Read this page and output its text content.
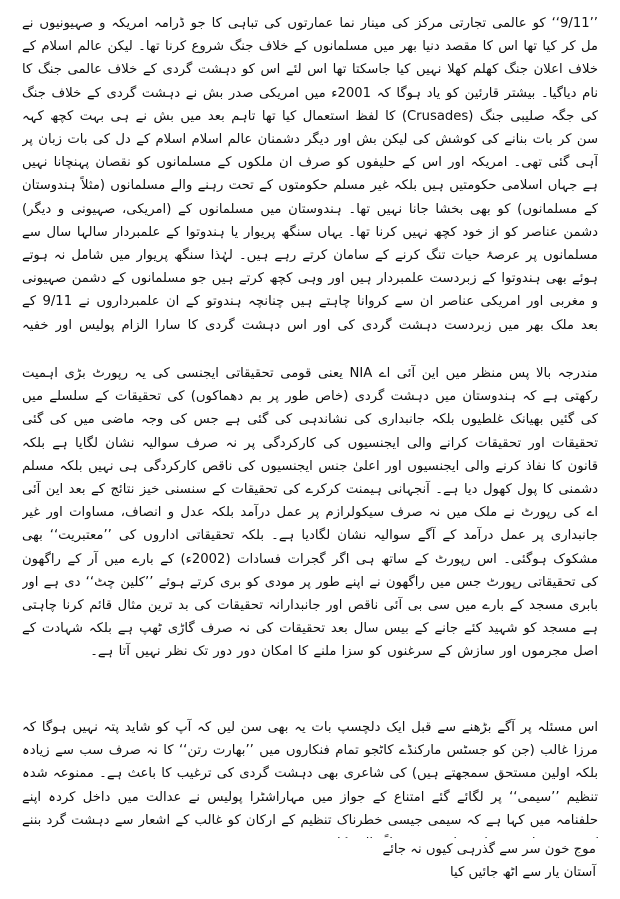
’’9/11‘‘ کو عالمی تجارتی مرکز کی مینار نما عمارتوں کی تباہی کا جو ڈرامہ امریکہ و صہیونیوں نے مل کر کیا تھا اس کا مقصد دنیا بھر میں مسلمانوں کے خلاف جنگ شروع کرنا تھا۔ لیکن عالم اسلام کے خلاف اعلان جنگ کھلم کھلا نہیں کیا جاسکتا تھا اس لئے اس کو دہشت گردی کے خلاف عالمی جنگ کا نام دیاگیا۔ بیشتر قارئین کو یاد ہوگا کہ 2001ء میں امریکی صدر بش نے دہشت گردی کے خلاف جنگ کی جگہ صلیبی جنگ (Crusades) کا لفظ استعمال کیا تھا تاہم بعد میں بش نے ہی بہت کچھ کہہ سن کر بات بنانے کی کوشش کی لیکن بش اور دیگر دشمنان عالم اسلام اسلام کے دل کی بات زبان پر آہی گئی تھی۔ امریکہ اور اس کے حلیفوں کو صرف ان ملکوں کے مسلمانوں کو نقصان پہنچانا نہیں ہے جہاں اسلامی حکومتیں ہیں بلکہ غیر مسلم حکومتوں کے تحت رہنے والے مسلمانوں (مثلاً ہندوستان کے مسلمانوں) کو بھی بخشا جانا نہیں تھا۔ ہندوستان میں مسلمانوں کے (امریکی، صہیونی و دیگر) دشمن عناصر کو از خود کچھ نہیں کرنا تھا۔ یہاں سنگھ پریوار یا ہندوتوا کے علمبردار سالہا سال سے مسلمانوں پر عرصۂ حیات تنگ کرنے کے سامان کرتے رہے ہیں۔ لہٰذا سنگھ پریوار میں شامل نہ ہوتے ہوئے بھی ہندوتوا کے زبردست علمبردار ہیں اور وہی کچھ کرتے ہیں جو مسلمانوں کے دشمن صہیونی و مغربی اور امریکی عناصر ان سے کروانا چاہتے ہیں چنانچہ ہندوتو کے ان علمبرداروں نے 9/11 کے بعد ملک بھر میں زبردست دہشت گردی کی اور اس دہشت گردی کا سارا الزام پولیس اور خفیہ

مندرجہ بالا پس منظر میں این آئی اے NIA یعنی قومی تحقیقاتی ایجنسی کی یہ رپورٹ بڑی اہمیت رکھتی ہے کہ ہندوستان میں دہشت گردی (خاص طور پر بم دھماکوں) کی تحقیقات کے سلسلے میں کی گئیں بھیانک غلطیوں بلکہ جانبداری کی نشاندہی کی گئی ہے جس کی وجہ ماضی میں کی گئی تحقیقات اور تحقیقات کرانے والی ایجنسیوں کی کارکردگی پر نہ صرف سوالیہ نشان لگایا ہے بلکہ قانون کا نفاذ کرنے والی ایجنسیوں اور اعلیٰ جنس ایجنسیوں کی ناقص کارکردگی ہی نہیں بلکہ مسلم دشمنی کا پول کھول دیا ہے۔ آنجہانی ہیمنت کرکرے کی تحقیقات کے سنسنی خیز نتائج کے بعد این آئی اے کی رپورٹ نے ملک میں نہ صرف سیکولرازم پر عمل درآمد بلکہ عدل و انصاف، مساوات اور غیر جانبداری پر عمل درآمد کے آگے سوالیہ نشان لگادیا ہے۔ بلکہ تحقیقاتی اداروں کی ’’معتبریت‘‘ بھی مشکوک ہوگئی۔ اس رپورٹ کے ساتھ ہی اگر گجرات فسادات (2002ء) کے بارے میں آر کے راگھون کی تحقیقاتی رپورٹ جس میں راگھون نے اپنے طور پر مودی کو بری کرتے ہوئے ’’کلین چٹ‘‘ دی ہے اور بابری مسجد کے بارے میں سی بی آئی ناقص اور جانبدارانہ تحقیقات کی بد ترین مثال قائم کرنا چاہتی ہے مسجد کو شہید کئے جانے کے بیس سال بعد تحقیقات کی نہ صرف گاڑی ٹھپ ہے بلکہ شہادت کے اصل مجرموں اور سازش کے سرغنوں کو سزا ملنے کا امکان دور دور تک نظر نہیں آتا ہے۔

اس مسئلہ پر آگے بڑھنے سے قبل ایک دلچسپ بات یہ بھی سن لیں کہ آپ کو شاید پتہ نہیں ہوگا کہ مرزا غالب (جن کو جسٹس مارکنڈے کاٹجو تمام فنکاروں میں ’’بھارت رتن‘‘ کا نہ صرف سب سے زیادہ بلکہ اولین مستحق سمجھتے ہیں) کی شاعری بھی دہشت گردی کی ترغیب کا باعث ہے۔ ممنوعہ شدہ تنظیم ’’سیمی‘‘ پر لگائے گئے امتناع کے جواز میں مہاراشٹرا پولیس نے عدالت میں داخل کردہ اپنے حلفنامہ میں کہا ہے کہ سیمی جیسی خطرناک تنظیم کے ارکان کو غالب کے اشعار سے دہشت گرد بننے

موج خون سر سے گذرہی کیوں نہ جائے

آستان یار سے اٹھ جائیں کیا
